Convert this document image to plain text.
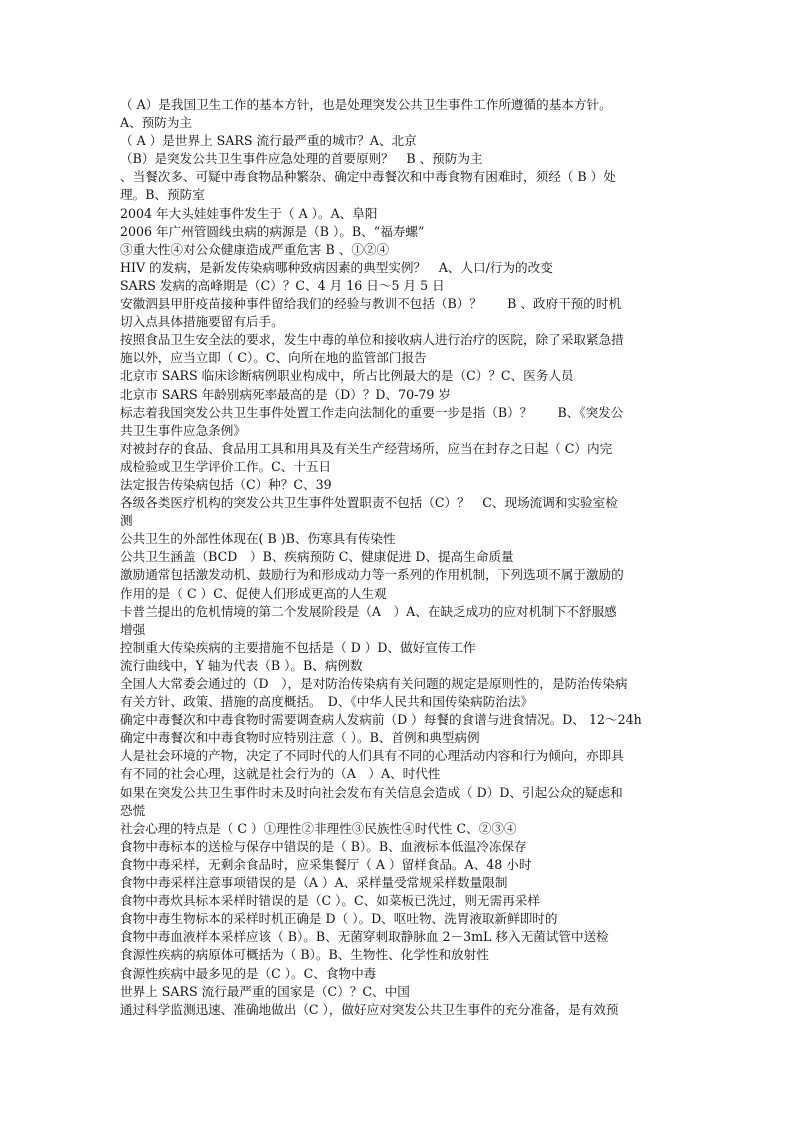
（ A）是我国卫生工作的基本方针，也是处理突发公共卫生事件工作所遵循的基本方针。

A、预防为主

（ A ）是世界上 SARS 流行最严重的城市？A、北京

（B）是突发公共卫生事件应急处理的首要原则？　B 、预防为主

、当餐次多、可疑中毒食物品种繁杂、确定中毒餐次和中毒食物有困难时，须经（ B ）处

理。B、预防室

2004 年大头娃娃事件发生于（ A ）。A、阜阳

2006 年广州管圆线虫病的病源是（B ）。B、“福寿螺”

③重大性④对公众健康造成严重危害 B 、①②④

HIV 的发病，是新发传染病哪种致病因素的典型实例？　A、人口/行为的改变

SARS 发病的高峰期是（C）？C、4 月 16 日～5 月 5 日

安徽泗县甲肝疫苗接种事件留给我们的经验与教训不包括（B）？　　B 、政府干预的时机

切入点具体措施要留有后手。

按照食品卫生安全法的要求，发生中毒的单位和接收病人进行治疗的医院，除了采取紧急措

施以外，应当立即（ C）。C、向所在地的监管部门报告

北京市 SARS 临床诊断病例职业构成中，所占比例最大的是（C）？C、医务人员

北京市 SARS 年龄别病死率最高的是（D）？D、70-79 岁

标志着我国突发公共卫生事件处置工作走向法制化的重要一步是指（B）？　　B、《突发公

共卫生事件应急条例》

对被封存的食品、食品用工具和用具及有关生产经营场所，应当在封存之日起（ C）内完

成检验或卫生学评价工作。C、十五日

法定报告传染病包括（C）种？C、39

各级各类医疗机构的突发公共卫生事件处置职责不包括（C）？　C、现场流调和实验室检

测

公共卫生的外部性体现在( B )B、伤寒具有传染性

公共卫生涵盖（BCD　）B、疾病预防 C、健康促进 D、提高生命质量

激励通常包括激发动机、鼓励行为和形成动力等一系列的作用机制，下列选项不属于激励的

作用的是（ C ）C、促使人们形成更高的人生观

卡普兰提出的危机情境的第二个发展阶段是（A　）A、在缺乏成功的应对机制下不舒服感

增强

控制重大传染疾病的主要措施不包括是（ D ）D、做好宣传工作

流行曲线中，Y 轴为代表（B ）。B、病例数

全国人大常委会通过的（D　），是对防治传染病有关问题的规定是原则性的，是防治传染病

有关方针、政策、措施的高度概括。　D、《中华人民共和国传染病防治法》

确定中毒餐次和中毒食物时需要调查病人发病前（D ）每餐的食谱与进食情况。D、 12～24h

确定中毒餐次和中毒食物时应特别注意（ ）。B、首例和典型病例

人是社会环境的产物，决定了不同时代的人们具有不同的心理活动内容和行为倾向，亦即具

有不同的社会心理，这就是社会行为的（A　）A、时代性

如果在突发公共卫生事件时未及时向社会发布有关信息会造成（ D）D、引起公众的疑虑和

恐慌

社会心理的特点是（ C ）①理性②非理性③民族性④时代性 C、②③④

食物中毒标本的送检与保存中错误的是（ B）。B、血液标本低温冷冻保存

食物中毒采样，无剩余食品时，应采集餐厅（ A ）留样食品。A、48 小时

食物中毒采样注意事项错误的是（A ）A、采样量受常规采样数量限制

食物中毒炊具标本采样时错误的是（C ）。C、如菜板已洗过，则无需再采样

食物中毒生物标本的采样时机正确是 D（ ）。D、呕吐物、洗胃液取新鲜即时的

食物中毒血液样本采样应该（ B）。B、无菌穿刺取静脉血 2－3mL 移入无菌试管中送检

食源性疾病的病原体可概括为（ B）。B、生物性、化学性和放射性

食源性疾病中最多见的是（C ）。C、食物中毒

世界上 SARS 流行最严重的国家是（C）？C、中国

通过科学监测迅速、准确地做出（C ），做好应对突发公共卫生事件的充分准备，是有效预
